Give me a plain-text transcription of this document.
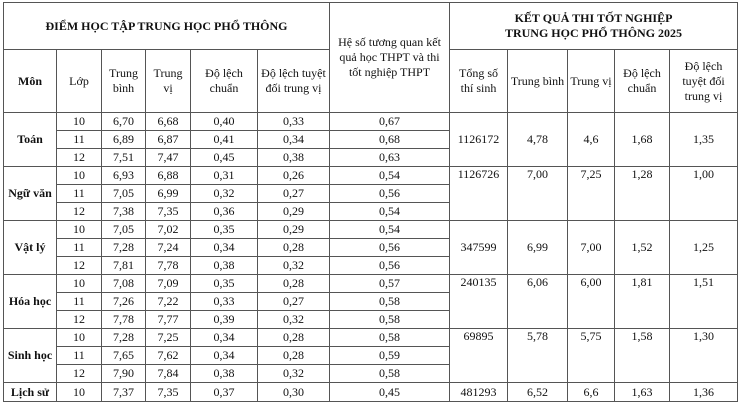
ĐIỂM HỌC TẬP TRUNG HỌC PHỔ THÔNG						Hệ số tương quan kết quả học THPT và thi tốt nghiệp THPT	KẾT QUẢ THI TỐT NGHIỆP
TRUNG HỌC PHỔ THÔNG 2025				
Môn	Lớp	Trung bình	Trung vị	Độ lệch chuẩn	Độ lệch tuyệt đối trung vị		Tổng số thí sinh	Trung bình	Trung vị	Độ lệch chuẩn	Độ lệch tuyệt đối trung vị
Toán	10	6,70	6,68	0,40	0,33	0,67	1126172	4,78	4,6	1,68	1,35
	11	6,89	6,87	0,41	0,34	0,68					
	12	7,51	7,47	0,45	0,38	0,63					
Ngữ văn	10	6,93	6,88	0,31	0,26	0,54	1126726	7,00	7,25	1,28	1,00
	11	7,05	6,99	0,32	0,27	0,56					
	12	7,38	7,35	0,36	0,29	0,54					
Vật lý	10	7,05	7,02	0,35	0,29	0,54	347599	6,99	7,00	1,52	1,25
	11	7,28	7,24	0,34	0,28	0,56					
	12	7,81	7,78	0,38	0,32	0,56					
Hóa học	10	7,08	7,09	0,35	0,28	0,57	240135	6,06	6,00	1,81	1,51
	11	7,26	7,22	0,33	0,27	0,58					
	12	7,78	7,77	0,39	0,32	0,58					
Sinh học	10	7,28	7,25	0,34	0,28	0,58	69895	5,78	5,75	1,58	1,30
	11	7,65	7,62	0,34	0,28	0,59					
	12	7,90	7,84	0,38	0,32	0,58					
Lịch sử	10	7,37	7,35	0,37	0,30	0,45	481293	6,52	6,6	1,63	1,36
